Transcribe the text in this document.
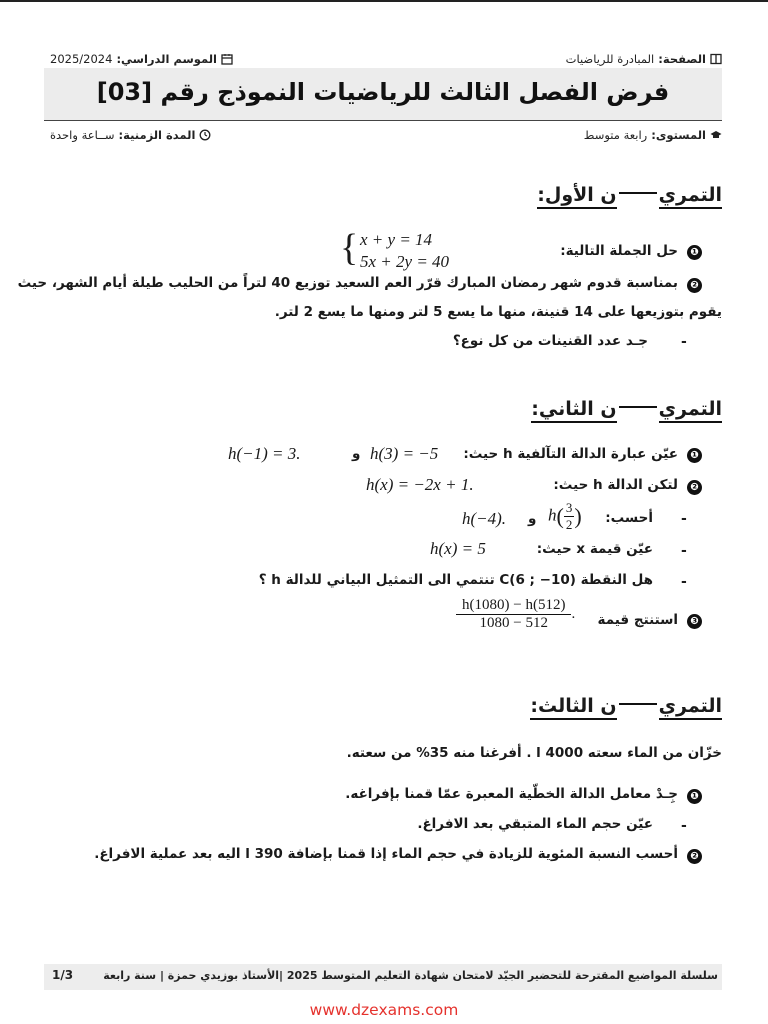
الصفحة: المبادرة للرياضيات
الموسم الدراسي: 2025/2024
فرض الفصل الثالث للرياضيات النموذج رقم [03]
المستوى: رابعة متوسط
المدة الزمنية: ســاعة واحدة
التمرين الأول:
❶
حل الجملة التالية:
{ x + y = 14
5x + 2y = 40
❷
بمناسبة قدوم شهر رمضان المبارك قرّر العم السعيد توزيع 40 لتراً من الحليب طيلة أيام الشهر، حيث
يقوم بتوزيعها على 14 قنينة، منها ما يسع 5 لتر ومنها ما يسع 2 لتر.
-
جـد عدد القنينات من كل نوع؟
التمرين الثاني:
❶
عيّن عبارة الدالة التآلفية h حيث:
h(3) = −5
و
h(−1) = 3.
❷
لتكن الدالة h حيث:
h(x) = −2x + 1.
-
أحسب:
$h( \frac{3}{2}$ )
و
h(−4).
-
عيّن قيمة x حيث:
h(x) = 5
-
هل النقطة C(6 ; −10) تنتمي الى التمثيل البياني للدالة h ؟
❸
استنتج قيمة
$\frac{h(1080) - h(512)}{1080 - 512}$ .
التمرين الثالث:
خزّان من الماء سعته 4000 l . أفرغنا منه 35% من سعته.
❶
جِـدْ معامل الدالة الخطّية المعبرة عمّا قمنا بإفراغه.
-
عيّن حجم الماء المتبقي بعد الافراغ.
❷
أحسب النسبة المئوية للزيادة في حجم الماء إذا قمنا بإضافة 390 l اليه بعد عملية الافراغ.
سلسلة المواضيع المقترحة للتحضير الجيّد لامتحان شهادة التعليم المتوسط 2025 |الأستاذ بوزيدي حمزة | سنة رابعة
1/3
www.dzexams.com
